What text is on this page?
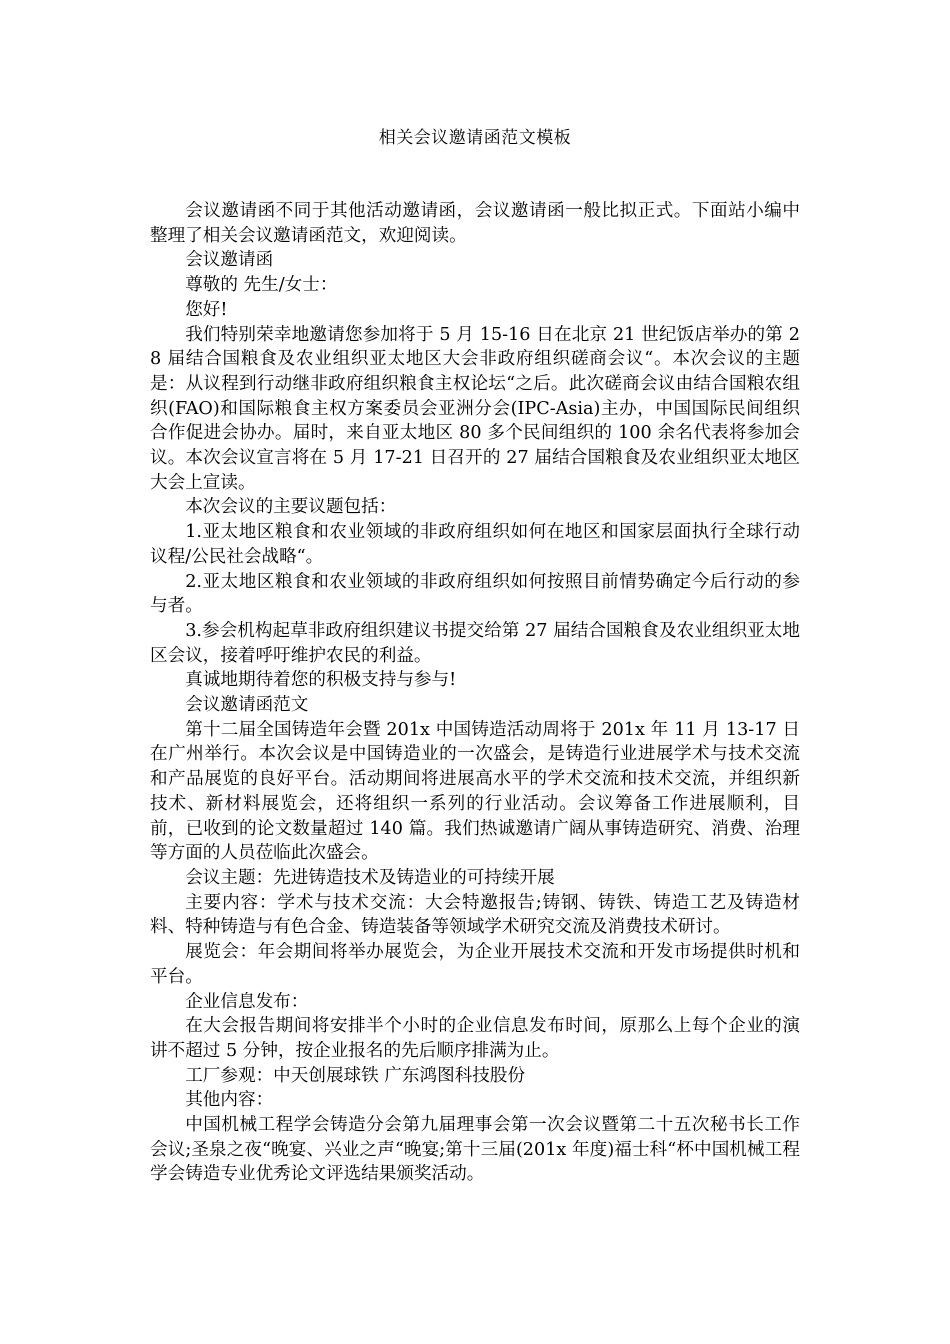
相关会议邀请函范文模板

会议邀请函不同于其他活动邀请函，会议邀请函一般比拟正式。下面站小编中整理了相关会议邀请函范文，欢迎阅读。

会议邀请函

尊敬的 先生/女士：

您好!

我们特别荣幸地邀请您参加将于 5 月 15-16 日在北京 21 世纪饭店举办的第 28 届结合国粮食及农业组织亚太地区大会非政府组织磋商会议“。本次会议的主题是：从议程到行动继非政府组织粮食主权论坛“之后。此次磋商会议由结合国粮农组织(FAO)和国际粮食主权方案委员会亚洲分会(IPC-Asia)主办，中国国际民间组织合作促进会协办。届时，来自亚太地区 80 多个民间组织的 100 余名代表将参加会议。本次会议宣言将在 5 月 17-21 日召开的 27 届结合国粮食及农业组织亚太地区大会上宣读。

本次会议的主要议题包括：

1.亚太地区粮食和农业领域的非政府组织如何在地区和国家层面执行全球行动议程/公民社会战略“。

2.亚太地区粮食和农业领域的非政府组织如何按照目前情势确定今后行动的参与者。

3.参会机构起草非政府组织建议书提交给第 27 届结合国粮食及农业组织亚太地区会议，接着呼吁维护农民的利益。

真诚地期待着您的积极支持与参与!

会议邀请函范文

第十二届全国铸造年会暨 201x 中国铸造活动周将于 201x 年 11 月 13-17 日在广州举行。本次会议是中国铸造业的一次盛会，是铸造行业进展学术与技术交流和产品展览的良好平台。活动期间将进展高水平的学术交流和技术交流，并组织新技术、新材料展览会，还将组织一系列的行业活动。会议筹备工作进展顺利，目前，已收到的论文数量超过 140 篇。我们热诚邀请广阔从事铸造研究、消费、治理等方面的人员莅临此次盛会。

会议主题：先进铸造技术及铸造业的可持续开展

主要内容：学术与技术交流：大会特邀报告;铸钢、铸铁、铸造工艺及铸造材料、特种铸造与有色合金、铸造装备等领域学术研究交流及消费技术研讨。

展览会：年会期间将举办展览会，为企业开展技术交流和开发市场提供时机和平台。

企业信息发布：

在大会报告期间将安排半个小时的企业信息发布时间，原那么上每个企业的演讲不超过 5 分钟，按企业报名的先后顺序排满为止。

工厂参观：中天创展球铁 广东鸿图科技股份

其他内容：

中国机械工程学会铸造分会第九届理事会第一次会议暨第二十五次秘书长工作会议;圣泉之夜“晚宴、兴业之声“晚宴;第十三届(201x 年度)福士科“杯中国机械工程学会铸造专业优秀论文评选结果颁奖活动。
